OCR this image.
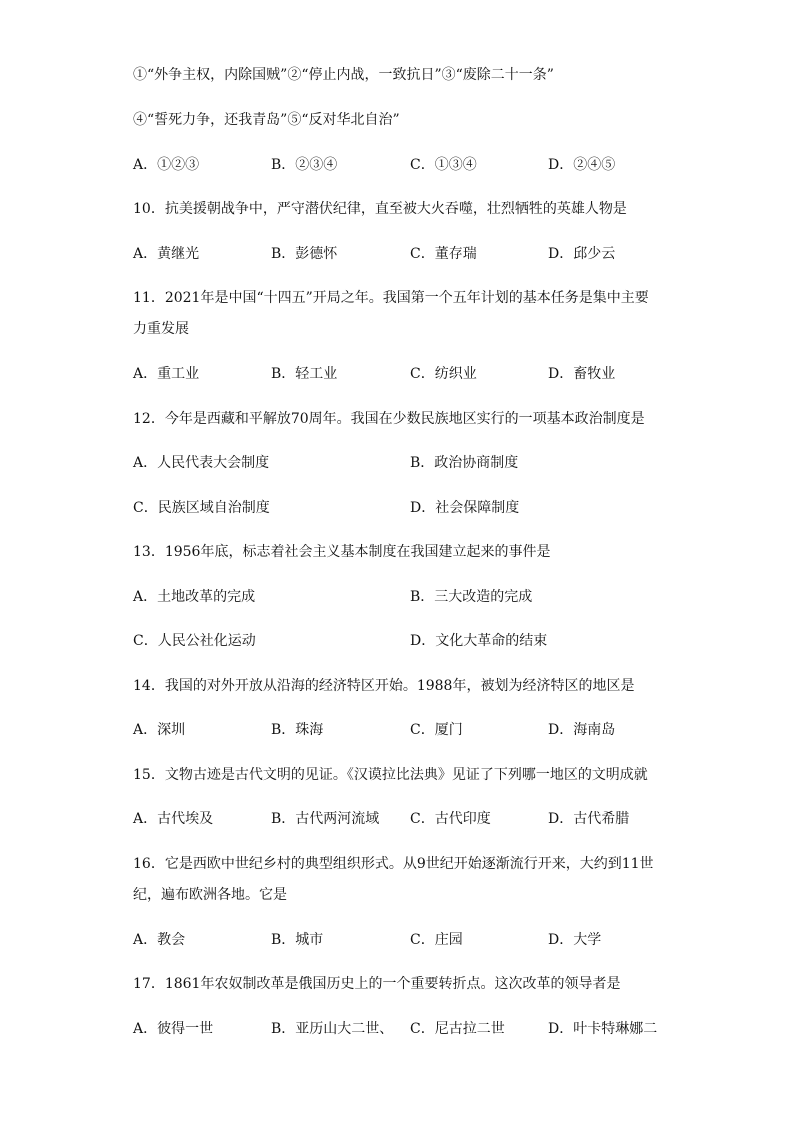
①“外争主权，内除国贼”②“停止内战，一致抗日”③“废除二十一条”
④“誓死力争，还我青岛”⑤“反对华北自治”
A．①②③	B．②③④	C．①③④	D．②④⑤
10．抗美援朝战争中，严守潜伏纪律，直至被大火吞噬，壮烈牺牲的英雄人物是
A．黄继光	B．彭德怀	C．董存瑞	D．邱少云
11．2021年是中国“十四五”开局之年。我国第一个五年计划的基本任务是集中主要
力重发展
A．重工业	B．轻工业	C．纺织业	D．畜牧业
12．今年是西藏和平解放70周年。我国在少数民族地区实行的一项基本政治制度是
A．人民代表大会制度	B．政治协商制度
C．民族区域自治制度	D．社会保障制度
13．1956年底，标志着社会主义基本制度在我国建立起来的事件是
A．土地改革的完成	B．三大改造的完成
C．人民公社化运动	D．文化大革命的结束
14．我国的对外开放从沿海的经济特区开始。1988年，被划为经济特区的地区是
A．深圳	B．珠海	C．厦门	D．海南岛
15．文物古迹是古代文明的见证。《汉谟拉比法典》见证了下列哪一地区的文明成就
A．古代埃及	B．古代两河流域 C．古代印度	D．古代希腊
16．它是西欧中世纪乡村的典型组织形式。从9世纪开始逐渐流行开来，大约到11世
纪，遍布欧洲各地。它是
A．教会	B．城市	C．庄园	D．大学
17．1861年农奴制改革是俄国历史上的一个重要转折点。这次改革的领导者是
A．彼得一世	B．亚历山大二世、 C．尼古拉二世	D．叶卡特琳娜二
